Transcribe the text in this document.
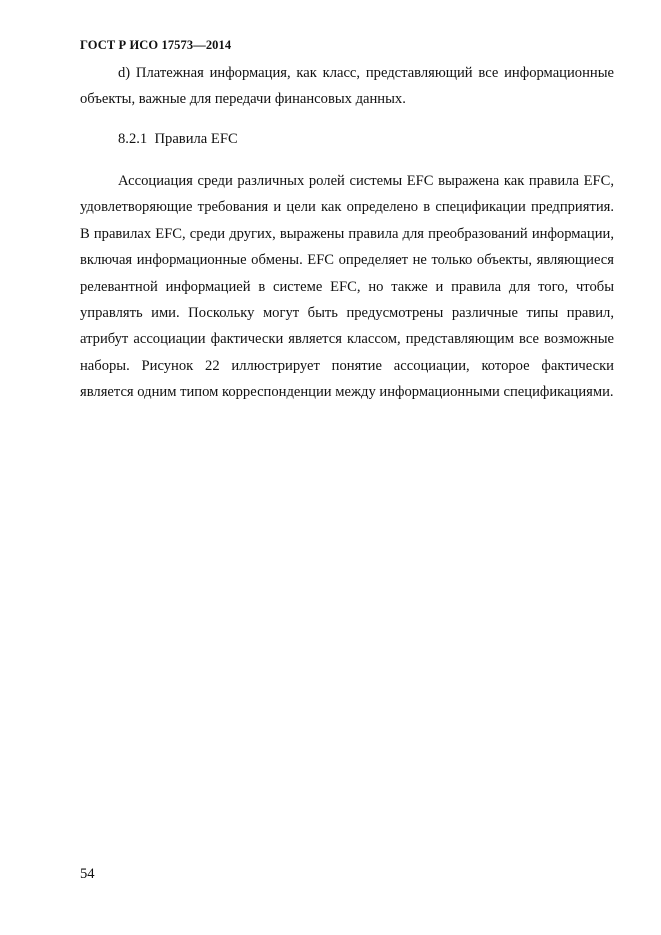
ГОСТ Р ИСО 17573—2014
d) Платежная информация, как класс, представляющий все информационные объекты, важные для передачи финансовых данных.
8.2.1  Правила EFC
Ассоциация среди различных ролей системы EFC выражена как правила EFC, удовлетворяющие требования и цели как определено в спецификации предприятия. В правилах EFC, среди других, выражены правила для преобразований информации, включая информационные обмены. EFC определяет не только объекты, являющиеся релевантной информацией в системе EFC, но также и правила для того, чтобы управлять ими. Поскольку могут быть предусмотрены различные типы правил, атрибут ассоциации фактически является классом, представляющим все возможные наборы. Рисунок 22 иллюстрирует понятие ассоциации, которое фактически является одним типом корреспонденции между информационными спецификациями.
54
